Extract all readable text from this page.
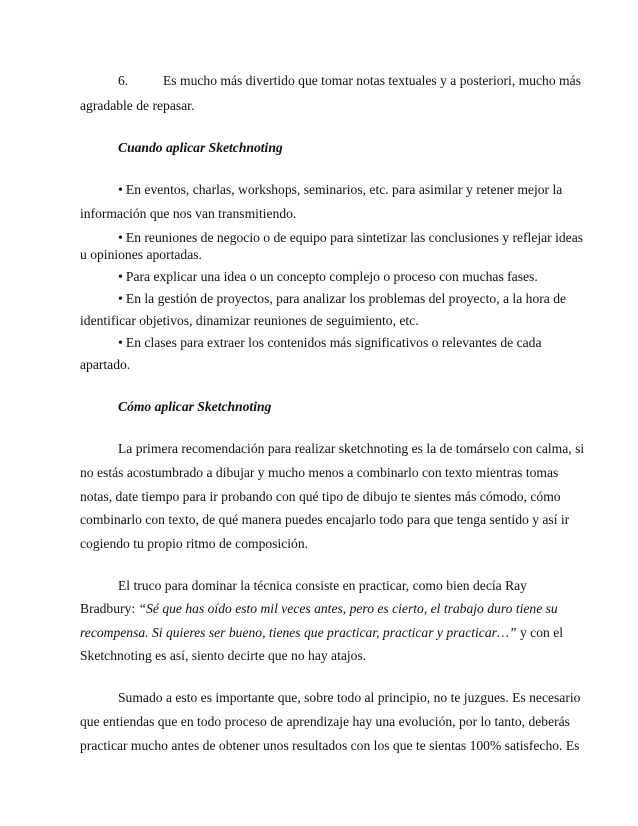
6.	Es mucho más divertido que tomar notas textuales y a posteriori, mucho más
agradable de repasar.
Cuando aplicar Sketchnoting
• En eventos, charlas, workshops, seminarios, etc. para asimilar y retener mejor la
información que nos van transmitiendo.
• En reuniones de negocio o de equipo para sintetizar las conclusiones y reflejar ideas
u opiniones aportadas.
• Para explicar una idea o un concepto complejo o proceso con muchas fases.
• En la gestión de proyectos, para analizar los problemas del proyecto, a la hora de
identificar objetivos, dinamizar reuniones de seguimiento, etc.
• En clases para extraer los contenidos más significativos o relevantes de cada
apartado.
Cómo aplicar Sketchnoting
La primera recomendación para realizar sketchnoting es la de tomárselo con calma, si
no estás acostumbrado a dibujar y mucho menos a combinarlo con texto mientras tomas
notas, date tiempo para ir probando con qué tipo de dibujo te sientes más cómodo, cómo
combinarlo con texto, de qué manera puedes encajarlo todo para que tenga sentido y así ir
cogiendo tu propio ritmo de composición.
El truco para dominar la técnica consiste en practicar, como bien decía Ray
Bradbury: “Sé que has oído esto mil veces antes, pero es cierto, el trabajo duro tiene su
recompensa. Si quieres ser bueno, tienes que practicar, practicar y practicar…” y con el
Sketchnoting es así, siento decirte que no hay atajos.
Sumado a esto es importante que, sobre todo al principio, no te juzgues. Es necesario
que entiendas que en todo proceso de aprendizaje hay una evolución, por lo tanto, deberás
practicar mucho antes de obtener unos resultados con los que te sientas 100% satisfecho. Es
